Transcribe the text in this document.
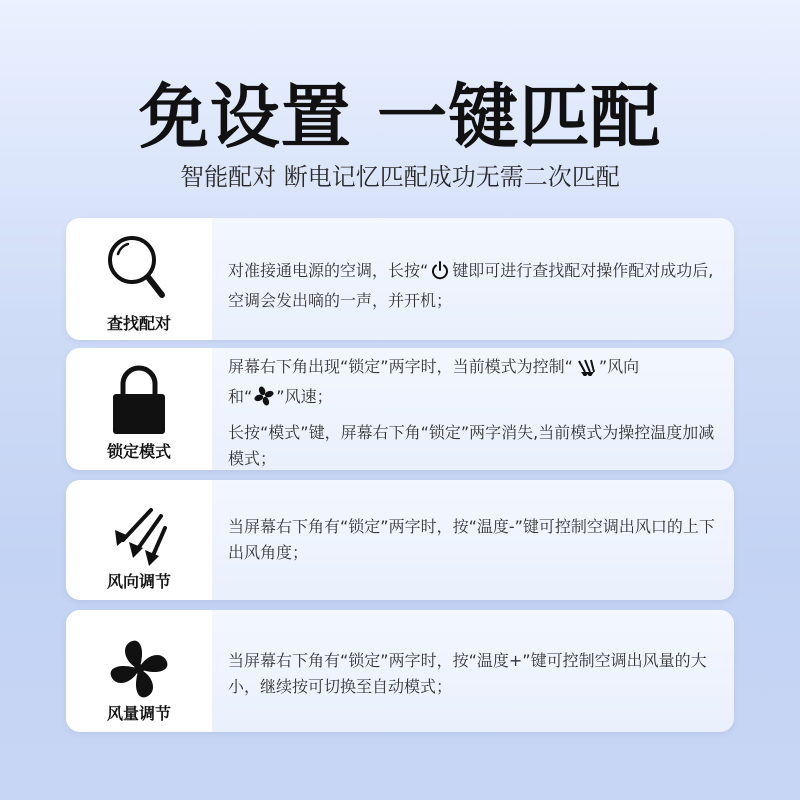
免设置 一键匹配

智能配对 断电记忆匹配成功无需二次匹配

查找配对

对准接通电源的空调，长按“ 键即可进行查找配对操作配对成功后,空调会发出嘀的一声，并开机；

锁定模式

屏幕右下角出现“锁定”两字时，当前模式为控制“ ”风向

和“ ”风速；

长按“模式”键，屏幕右下角“锁定”两字消失,当前模式为操控温度加减模式；

风向调节

当屏幕右下角有“锁定”两字时，按“温度-”键可控制空调出风口的上下出风角度；

风量调节

当屏幕右下角有“锁定”两字时，按“温度+”键可控制空调出风量的大小，继续按可切换至自动模式；
